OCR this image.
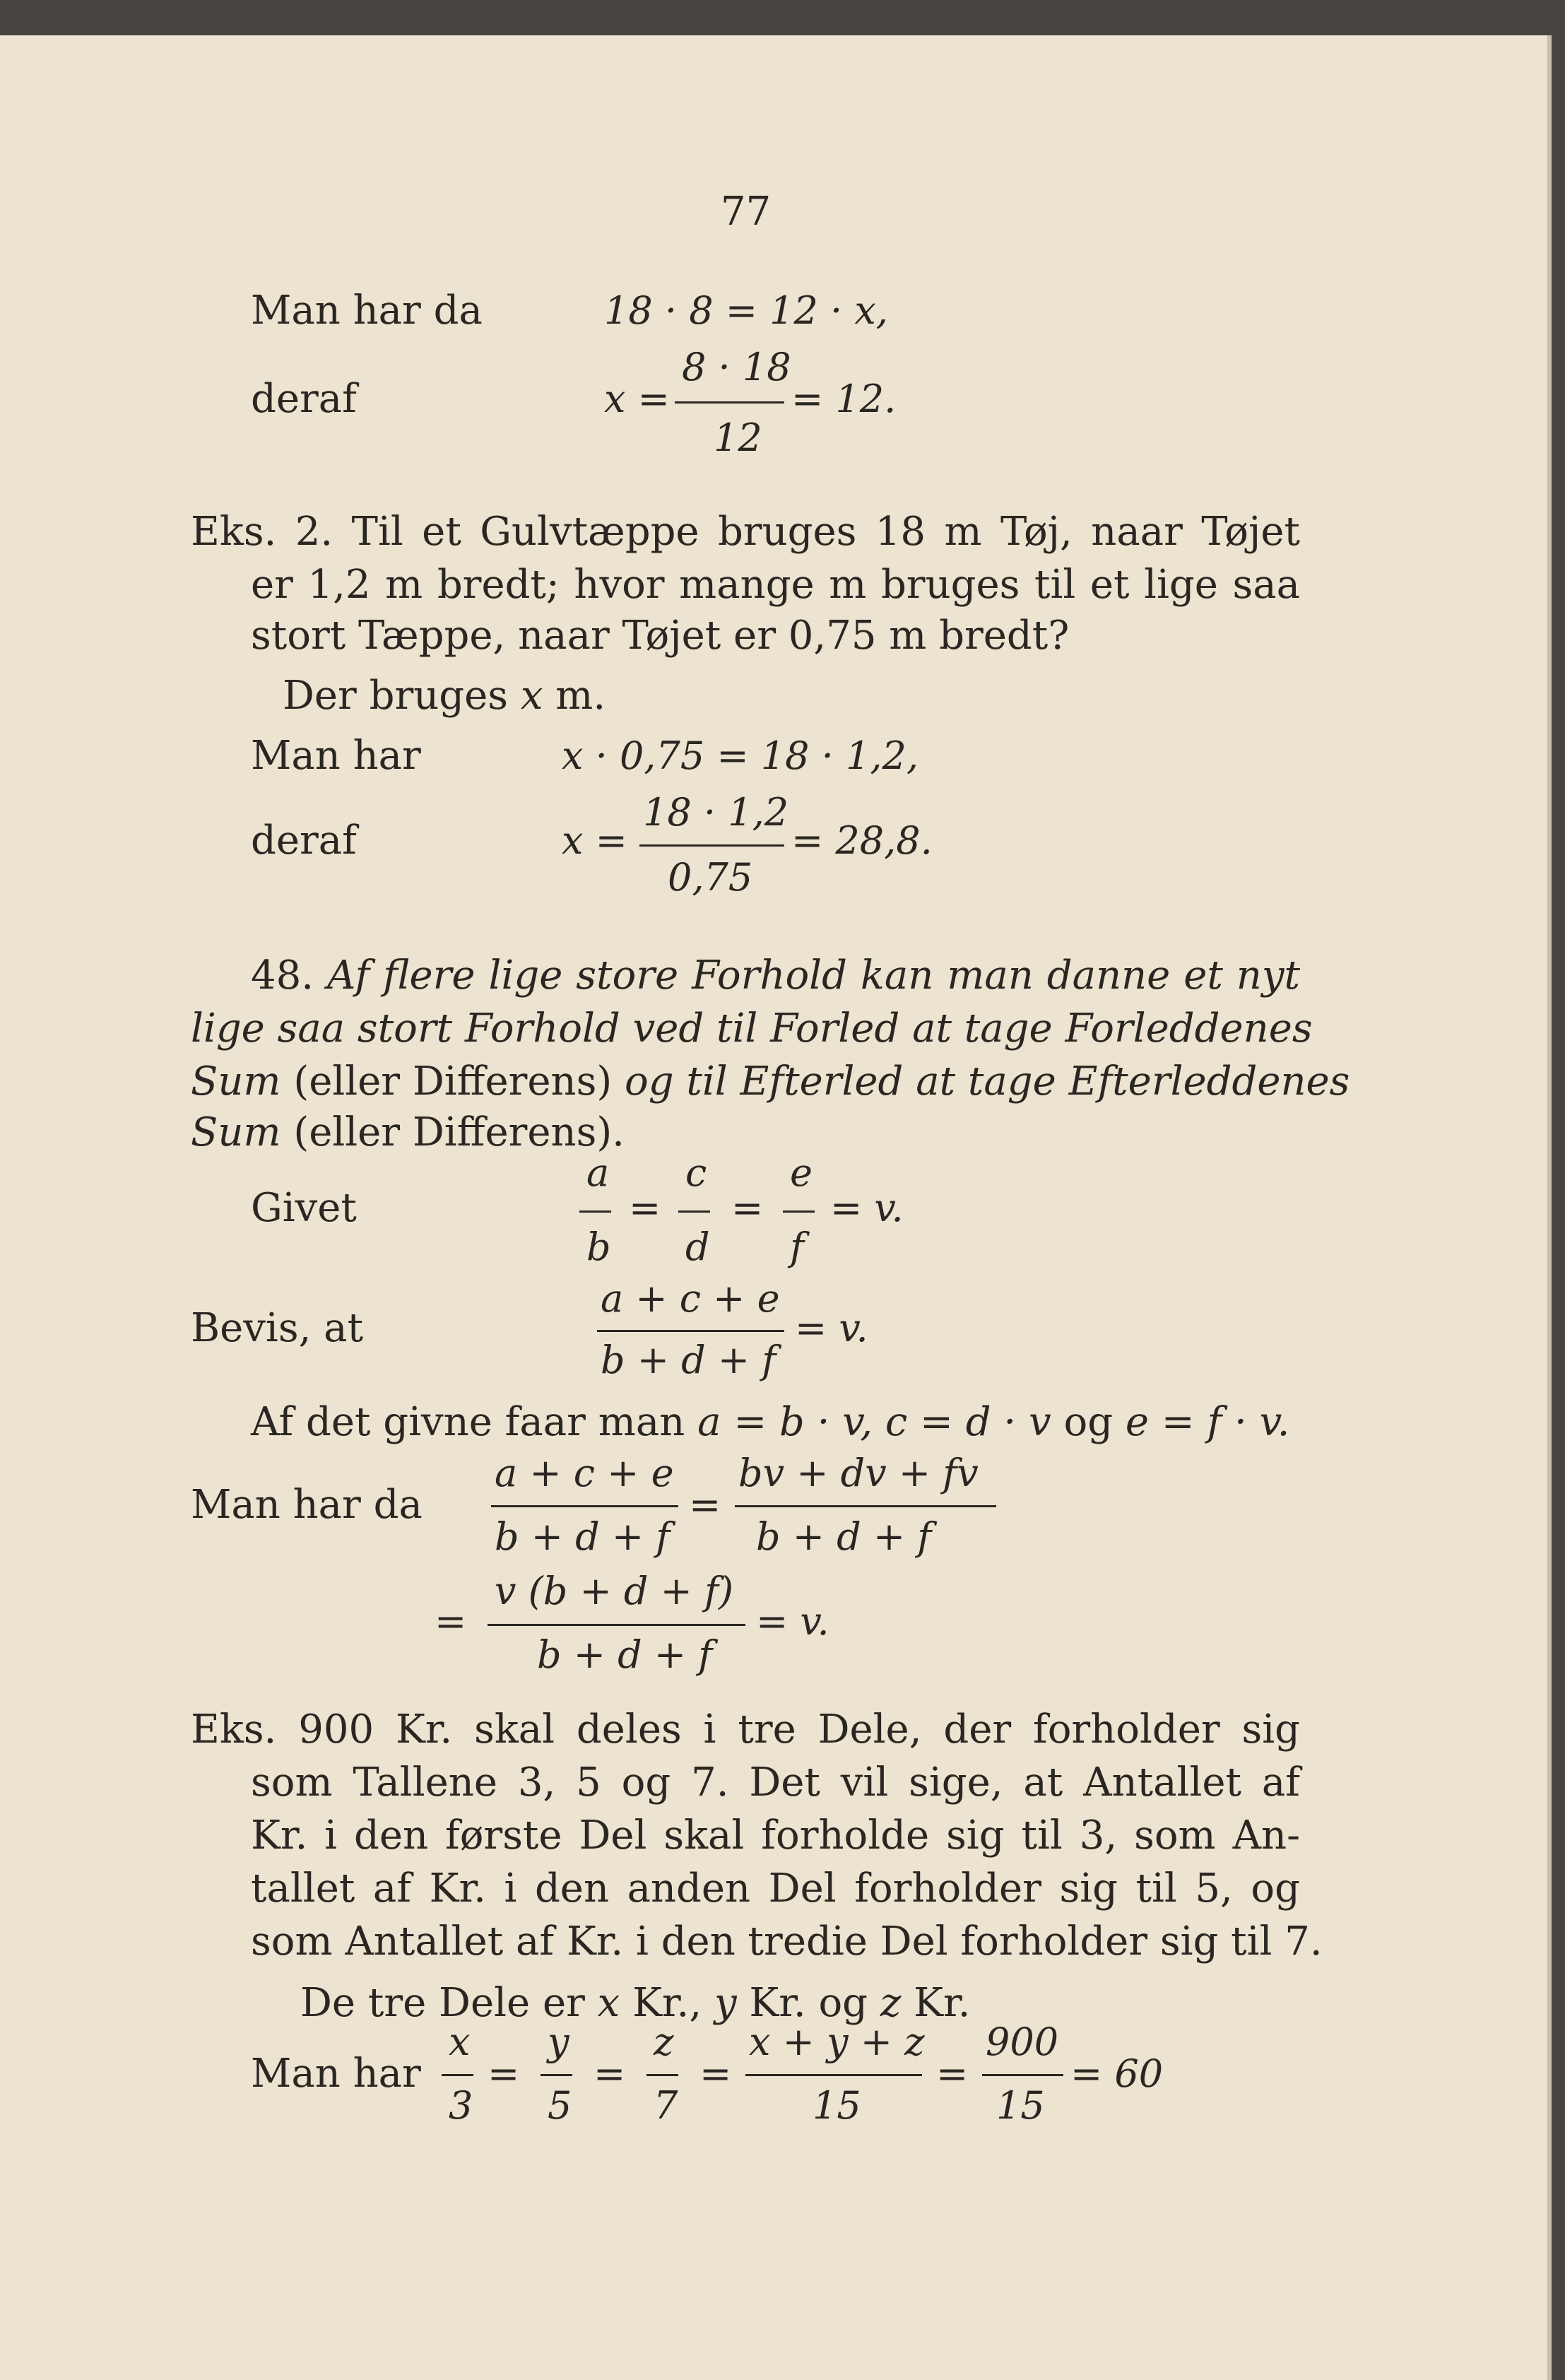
77
Man har da	18 · 8 = 12 · x,
deraf	x =
8 · 18
12
= 12.
Eks. 2. Til et Gulvtæppe bruges 18 m Tøj, naar Tøjet
er 1,2 m bredt; hvor mange m bruges til et lige saa
stort Tæppe, naar Tøjet er 0,75 m bredt?
Der bruges x m.
Man har	x · 0,75 = 18 · 1,2,
deraf	x =
18 · 1,2
0,75
= 28,8.
48. Af flere lige store Forhold kan man danne et nyt
lige saa stort Forhold ved til Forled at tage Forleddenes
Sum (eller Differens) og til Efterled at tage Efterleddenes
Sum (eller Differens).
Givet
a
b
=
c
d
=
e
f
= v.
Bevis, at
a + c + e
b + d + f
= v.
Af det givne faar man a = b · v, c = d · v og e = f · v.
Man har da
a + c + e
b + d + f
=
bv + dv + fv
b + d + f
=
v (b + d + f)
b + d + f
= v.
Eks. 900 Kr. skal deles i tre Dele, der forholder sig
som Tallene 3, 5 og 7. Det vil sige, at Antallet af
Kr. i den første Del skal forholde sig til 3, som An-
tallet af Kr. i den anden Del forholder sig til 5, og
som Antallet af Kr. i den tredie Del forholder sig til 7.
De tre Dele er x Kr., y Kr. og z Kr.
Man har
x
3
=
y
5
=
z
7
=
x + y + z
15
=
900
15
= 60
